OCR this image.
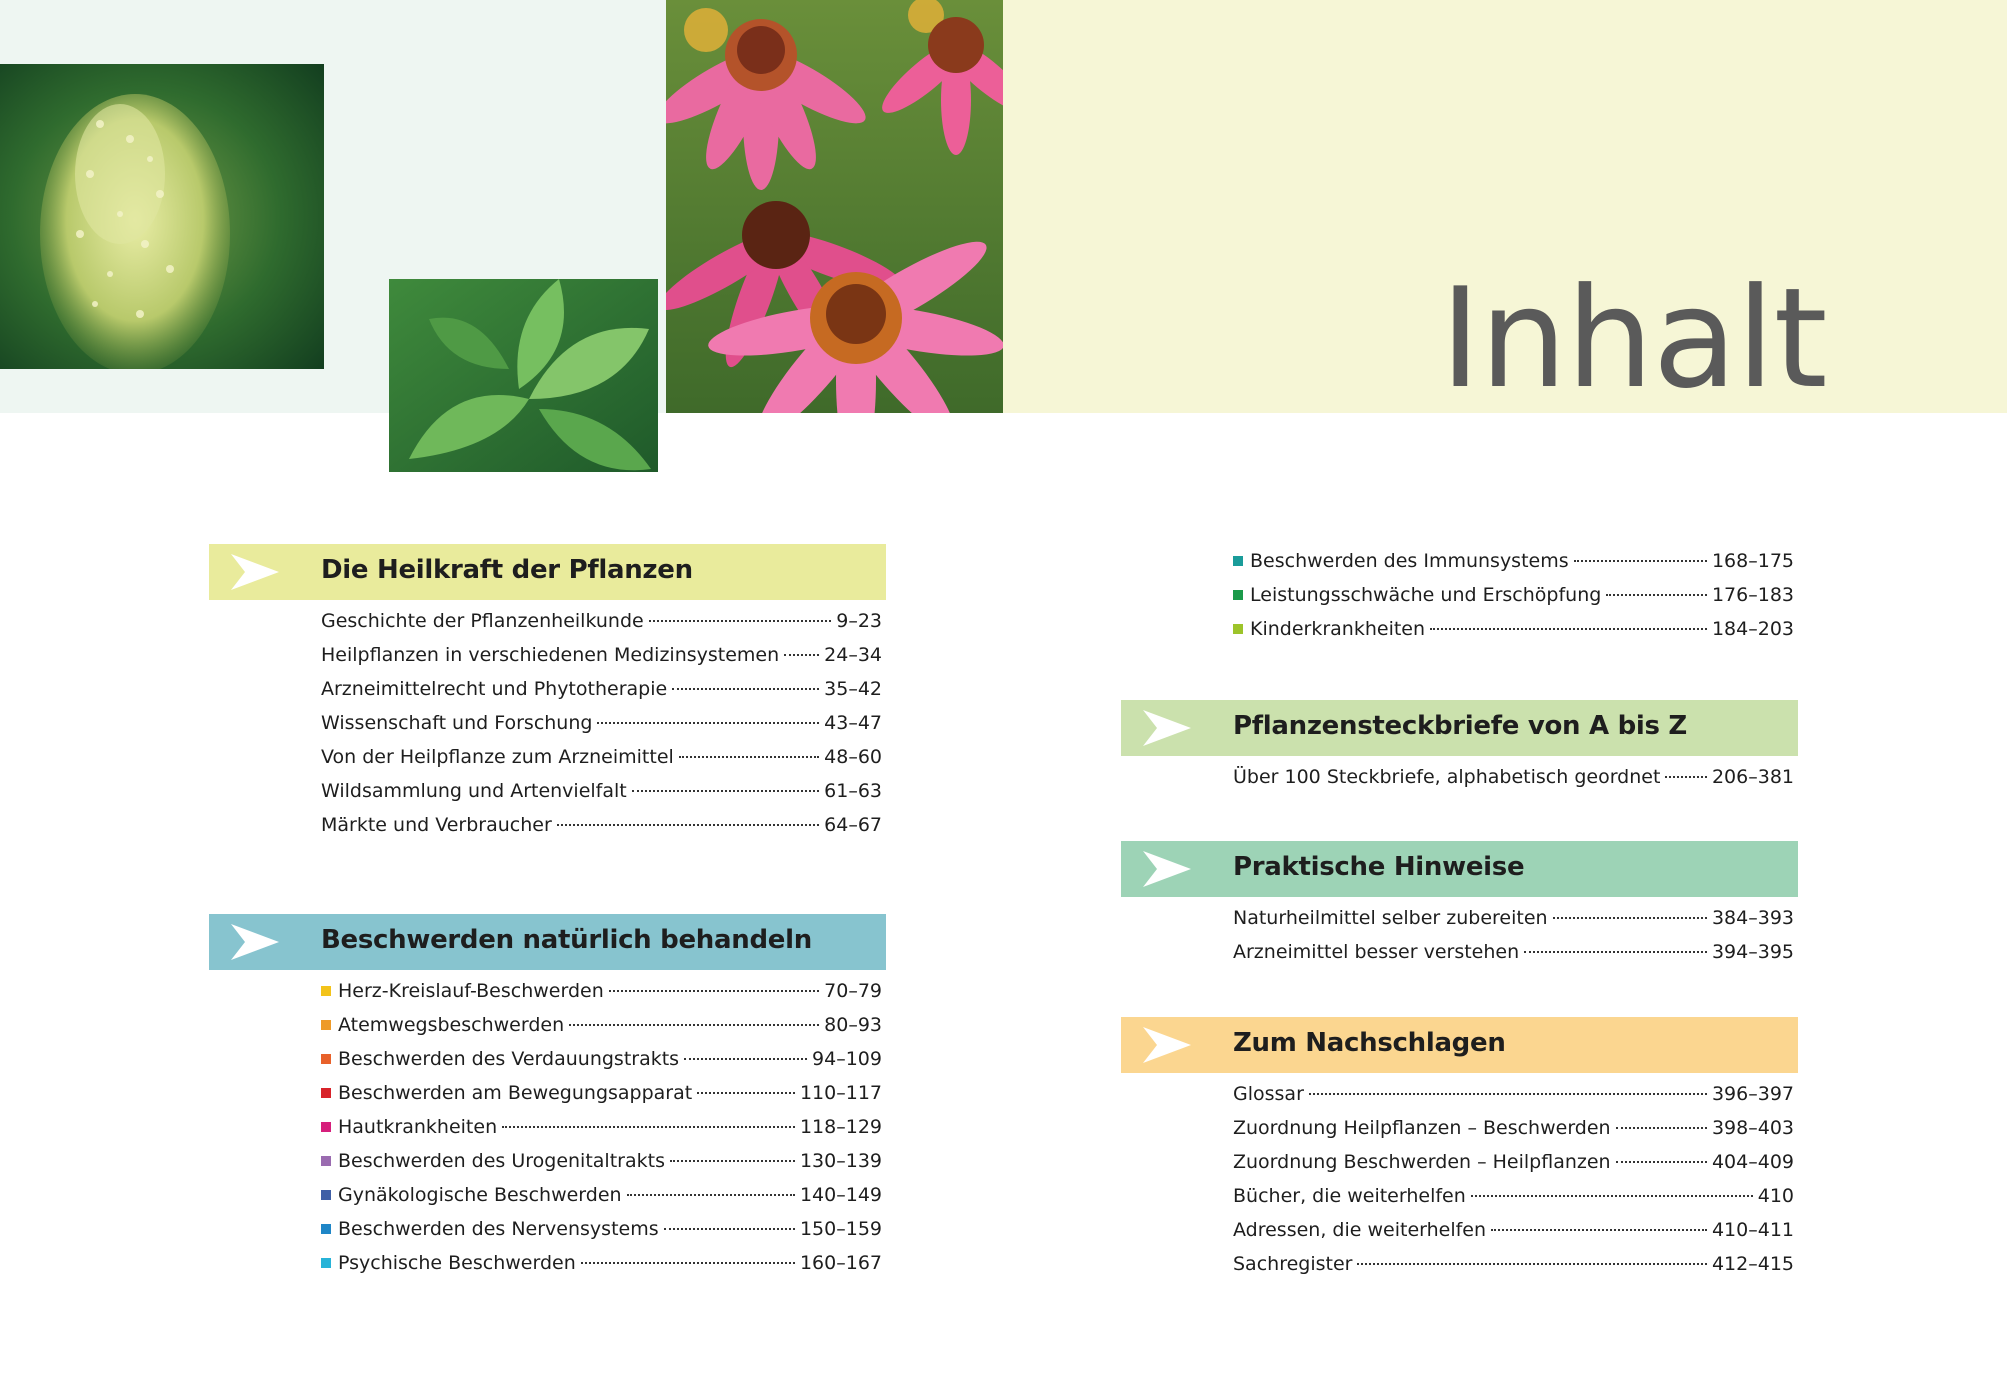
Inhalt
Die Heilkraft der Pflanzen
Geschichte der Pflanzenheilkunde	9–23
Heilpflanzen in verschiedenen Medizinsystemen 24–34
Arzneimittelrecht und Phytotherapie	35–42
Wissenschaft und Forschung	43–47
Von der Heilpflanze zum Arzneimittel	48–60
Wildsammlung und Artenvielfalt	61–63
Märkte und Verbraucher	64–67
Beschwerden natürlich behandeln
Herz-Kreislauf-Beschwerden	70–79
Atemwegsbeschwerden	80–93
Beschwerden des Verdauungstrakts	94–109
Beschwerden am Bewegungsapparat	110–117
Hautkrankheiten	118–129
Beschwerden des Urogenitaltrakts	130–139
Gynäkologische Beschwerden	140–149
Beschwerden des Nervensystems	150–159
Psychische Beschwerden	160–167
Beschwerden des Immunsystems	168–175
Leistungsschwäche und Erschöpfung	176–183
Kinderkrankheiten	184–203
Pflanzensteckbriefe von A bis Z
Über 100 Steckbriefe, alphabetisch geordnet	206–381
Praktische Hinweise
Naturheilmittel selber zubereiten	384–393
Arzneimittel besser verstehen	394–395
Zum Nachschlagen
Glossar	396–397
Zuordnung Heilpflanzen – Beschwerden	398–403
Zuordnung Beschwerden – Heilpflanzen	404–409
Bücher, die weiterhelfen	410
Adressen, die weiterhelfen	410–411
Sachregister	412–415
